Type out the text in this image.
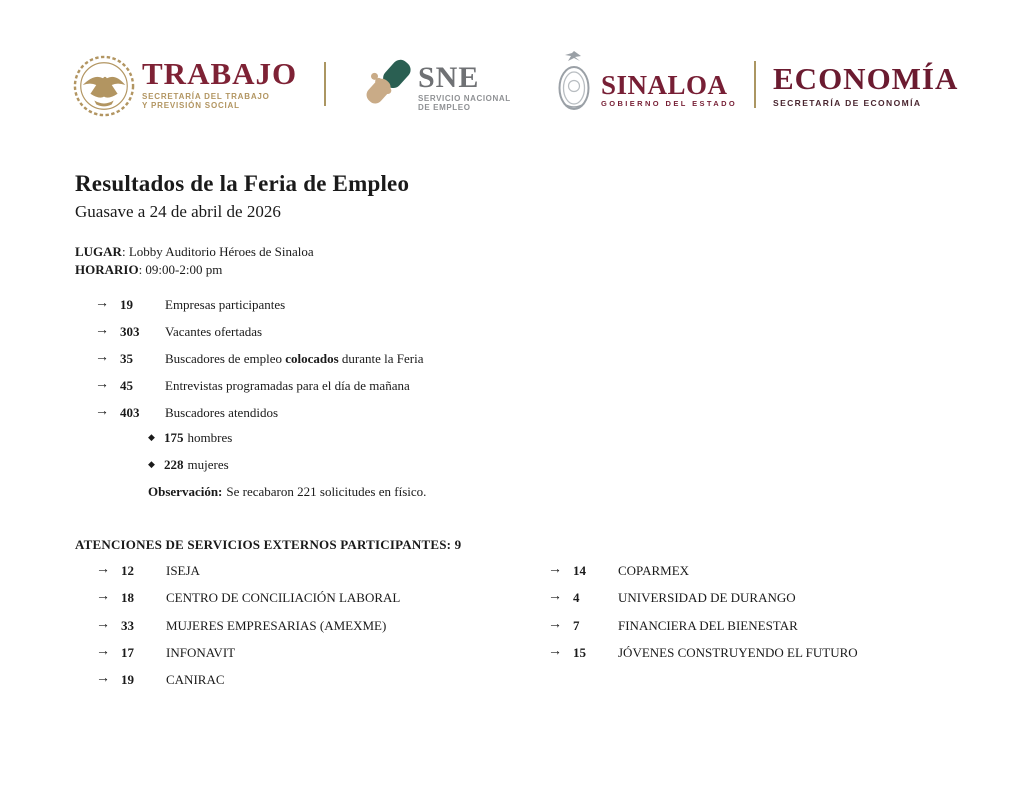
TRABAJO
SECRETARÍA DEL TRABAJO
Y PREVISIÓN SOCIAL
SNE
SERVICIO NACIONAL
DE EMPLEO
SINALOA
GOBIERNO DEL ESTADO
ECONOMÍA
SECRETARÍA DE ECONOMÍA
Resultados de la Feria de Empleo
Guasave a 24 de abril de 2026
LUGAR: Lobby Auditorio Héroes de Sinaloa
HORARIO: 09:00-2:00 pm
→ 19	Empresas participantes
→ 303	Vacantes ofertadas
→ 35	Buscadores de empleo colocados durante la Feria
→ 45	Entrevistas programadas para el día de mañana
→ 403	Buscadores atendidos
◆ 175 hombres
◆ 228 mujeres
Observación: Se recabaron 221 solicitudes en físico.
ATENCIONES DE SERVICIOS EXTERNOS PARTICIPANTES: 9
→ 12	ISEJA
→ 18	CENTRO DE CONCILIACIÓN LABORAL
→ 33	MUJERES EMPRESARIAS (AMEXME)
→ 17	INFONAVIT
→ 19	CANIRAC
→ 14	COPARMEX
→ 4	UNIVERSIDAD DE DURANGO
→ 7	FINANCIERA DEL BIENESTAR
→ 15	JÓVENES CONSTRUYENDO EL FUTURO
